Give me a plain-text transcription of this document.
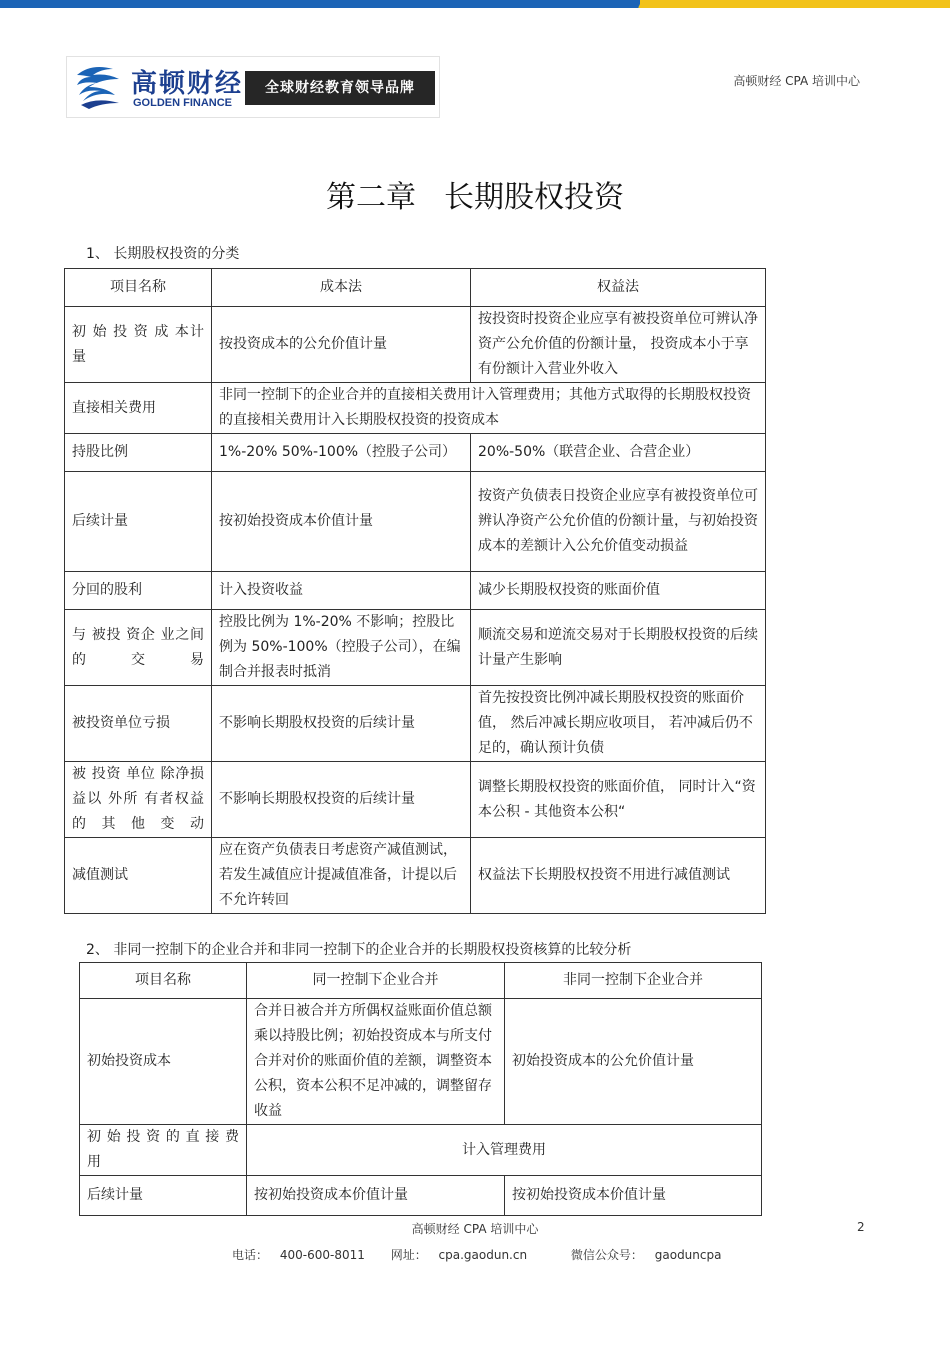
高顿财经
GOLDEN FINANCE
全球财经教育领导品牌	高顿财经 CPA 培训中心
第二章 长期股权投资
1、 长期股权投资的分类
项目名称	成本法	权益法
初 始 投 资 成 本计量	按投资成本的公允价值计量	按投资时投资企业应享有被投资单位可辨认净资产公允价值的份额计量， 投资成本小于享有份额计入营业外收入
直接相关费用	非同一控制下的企业合并的直接相关费用计入管理费用；其他方式取得的长期股权投资的直接相关费用计入长期股权投资的投资成本	
持股比例	1%-20% 50%-100%（控股子公司）	20%-50%（联营企业、合营企业）
后续计量	按初始投资成本价值计量	按资产负债表日投资企业应享有被投资单位可辨认净资产公允价值的份额计量，与初始投资成本的差额计入公允价值变动损益
分回的股利	计入投资收益	减少长期股权投资的账面价值
与 被投 资企 业之间的交易	控股比例为 1%-20% 不影响；控股比例为 50%-100%（控股子公司），在编制合并报表时抵消	顺流交易和逆流交易对于长期股权投资的后续计量产生影响
被投资单位亏损	不影响长期股权投资的后续计量	首先按投资比例冲减长期股权投资的账面价值， 然后冲减长期应收项目， 若冲减后仍不足的，确认预计负债
被 投资 单位 除净损 益以 外所 有者权益的其他变动	不影响长期股权投资的后续计量	调整长期股权投资的账面价值， 同时计入“资本公积 - 其他资本公积“
减值测试	应在资产负债表日考虑资产减值测试，若发生减值应计提减值准备，计提以后不允许转回	权益法下长期股权投资不用进行减值测试
2、 非同一控制下的企业合并和非同一控制下的企业合并的长期股权投资核算的比较分析
项目名称	同一控制下企业合并	非同一控制下企业合并
初始投资成本	合并日被合并方所偶权益账面价值总额乘以持股比例；初始投资成本与所支付合并对价的账面价值的差额，调整资本公积，资本公积不足冲减的，调整留存收益	初始投资成本的公允价值计量
初 始 投 资 的 直 接 费用	计入管理费用	
后续计量	按初始投资成本价值计量	按初始投资成本价值计量
高顿财经 CPA 培训中心	2
电话： 400-600-8011 网址： cpa.gaodun.cn	微信公众号： gaoduncpa
